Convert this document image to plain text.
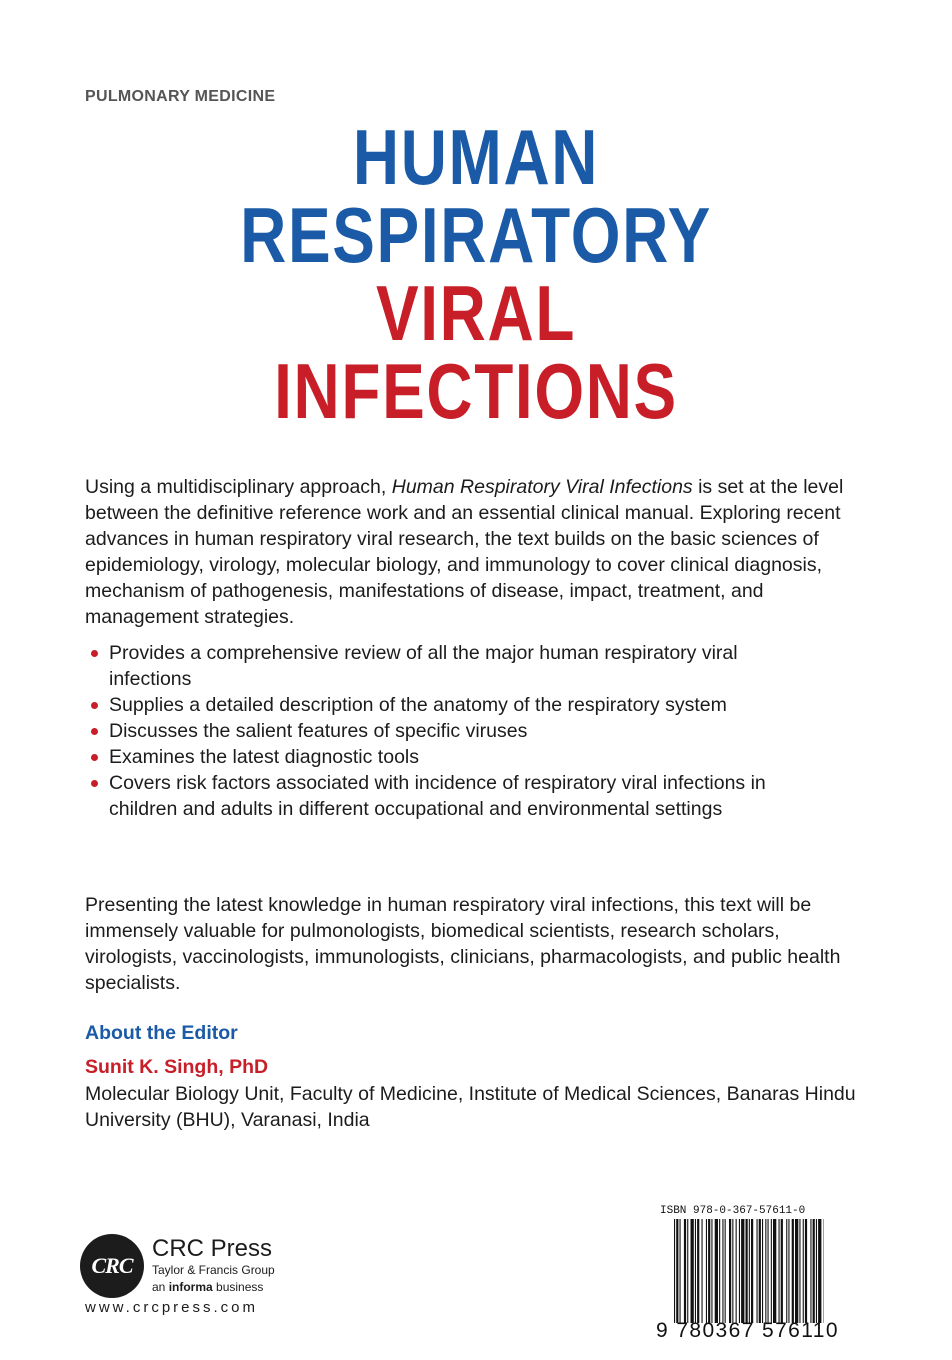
PULMONARY MEDICINE
HUMAN
RESPIRATORY
VIRAL
INFECTIONS
Using a multidisciplinary approach, Human Respiratory Viral Infections is set at the level between the definitive reference work and an essential clinical manual. Exploring recent advances in human respiratory viral research, the text builds on the basic sciences of epidemiology, virology, molecular biology, and immunology to cover clinical diagnosis, mechanism of pathogenesis, manifestations of disease, impact, treatment, and management strategies.
Provides a comprehensive review of all the major human respiratory viral infections
Supplies a detailed description of the anatomy of the respiratory system
Discusses the salient features of specific viruses
Examines the latest diagnostic tools
Covers risk factors associated with incidence of respiratory viral infections in children and adults in different occupational and environmental settings
Presenting the latest knowledge in human respiratory viral infections, this text will be immensely valuable for pulmonologists, biomedical scientists, research scholars, virologists, vaccinologists, immunologists, clinicians, pharmacologists, and public health specialists.
About the Editor
Sunit K. Singh, PhD
Molecular Biology Unit, Faculty of Medicine, Institute of Medical Sciences, Banaras Hindu University (BHU), Varanasi, India
CRC
CRC Press
Taylor & Francis Group
an informa business
www.crcpress.com
ISBN 978-0-367-57611-0
9 780367 576110
